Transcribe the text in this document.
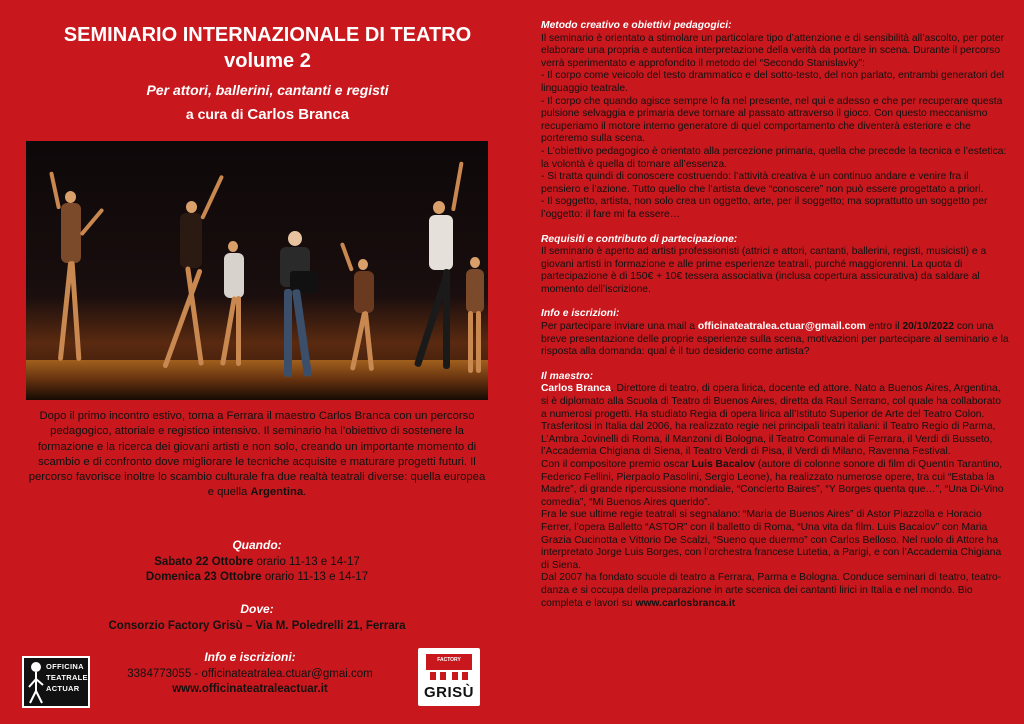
SEMINARIO INTERNAZIONALE DI TEATRO
volume 2
Per attori, ballerini, cantanti e registi
a cura di Carlos Branca
Dopo il primo incontro estivo, torna a Ferrara il maestro Carlos Branca con un percorso pedagogico, attoriale e registico intensivo. Il seminario ha l’obiettivo di sostenere la formazione e la ricerca dei giovani artisti e non solo, creando un importante momento di scambio e di confronto dove migliorare le tecniche acquisite e maturare progetti futuri. Il percorso favorisce inoltre lo scambio culturale fra due realtà teatrali diverse: quella europea e quella Argentina.
Quando:
Sabato 22 Ottobre orario 11-13 e 14-17
Domenica 23 Ottobre orario 11-13 e 14-17
Dove:
Consorzio Factory Grisù – Via M. Poledrelli 21, Ferrara
OFFICINA
TEATRALE
ACTUAR
Info e iscrizioni:
3384773055 - officinateatralea.ctuar@gmai.com
www.officinateatraleactuar.it
FACTORY
GRISÙ
Metodo creativo e obiettivi pedagogici:

Il seminario è orientato a stimolare un particolare tipo d’attenzione e di sensibilità all’ascolto, per poter elaborare una propria e autentica interpretazione della verità da portare in scena. Durante il percorso verrà sperimentato e approfondito il metodo del “Secondo Stanislavky”:

- Il corpo come veicolo del testo drammatico e del sotto-testo, del non parlato, entrambi generatori del linguaggio teatrale.

- Il corpo che quando agisce sempre lo fa nel presente, nel qui e adesso e che per recuperare questa pulsione selvaggia e primaria deve tornare al passato attraverso il gioco. Con questo meccanismo recuperiamo il motore interno generatore di quel comportamento che diventerà esteriore e che porteremo sulla scena.

- L’obiettivo pedagogico è orientato alla percezione primaria, quella che precede la tecnica e l’estetica: la volontà è quella di tornare all’essenza.

- Si tratta quindi di conoscere costruendo: l’attività creativa è un continuo andare e venire fra il pensiero e l’azione. Tutto quello che l’artista deve “conoscere” non può essere progettato a priori.

- Il soggetto, artista, non solo crea un oggetto, arte, per il soggetto; ma soprattutto un soggetto per l’oggetto: il fare mi fa essere…

Requisiti e contributo di partecipazione:

Il seminario è aperto ad artisti professionisti (attrici e attori, cantanti, ballerini, registi, musicisti) e a giovani artisti in formazione e alle prime esperienze teatrali, purché maggiorenni. La quota di partecipazione è di 150€ + 10€ tessera associativa (inclusa copertura assicurativa) da saldare al momento dell’iscrizione.

Info e iscrizioni:

Per partecipare inviare una mail a officinateatralea.ctuar@gmail.com entro il 20/10/2022 con una breve presentazione delle proprie esperienze sulla scena, motivazioni per partecipare al seminario e la risposta alla domanda: qual è il tuo desiderio come artista?

Il maestro:

Carlos Branca. Direttore di teatro, di opera lirica, docente ed attore. Nato a Buenos Aires, Argentina, si è diplomato alla Scuola di Teatro di Buenos Aires, diretta da Raul Serrano, col quale ha collaborato a numerosi progetti. Ha studiato Regia di opera lirica all’Istituto Superior de Arte del Teatro Colon. Trasferitosi in Italia dal 2006, ha realizzato regie nei principali teatri italiani: il Teatro Regio di Parma, L’Ambra Jovinelli di Roma, il Manzoni di Bologna, il Teatro Comunale di Ferrara, il Verdi di Busseto, l’Accademia Chigiana di Siena, il Teatro Verdi di Pisa, il Verdi di Milano, Ravenna Festival.

Con il compositore premio oscar Luis Bacalov (autore di colonne sonore di film di Quentin Tarantino, Federico Fellini, Pierpaolo Pasolini, Sergio Leone), ha realizzato numerose opere, tra cui “Estaba la Madre”, di grande ripercussione mondiale, “Concierto Baires”, “Y Borges quenta que…”, “Una Di-Vino comedia”, “Mi Buenos Aires querido”.

Fra le sue ultime regie teatrali si segnalano: “Maria de Buenos Aires” di Astor Piazzolla e Horacio Ferrer, l’opera Balletto “ASTOR” con il balletto di Roma, “Una vita da film. Luis Bacalov” con Maria Grazia Cucinotta e Vittorio De Scalzi, “Sueno que duermo” con Carlos Belloso. Nel ruolo di Attore ha interpretato Jorge Luis Borges, con l’orchestra francese Lutetia, a Parigi, e con l’Accademia Chigiana di Siena.

Dal 2007 ha fondato scuole di teatro a Ferrara, Parma e Bologna. Conduce seminari di teatro, teatro-danza e si occupa della preparazione in arte scenica dei cantanti lirici in Italia e nel mondo. Bio completa e lavori su www.carlosbranca.it
